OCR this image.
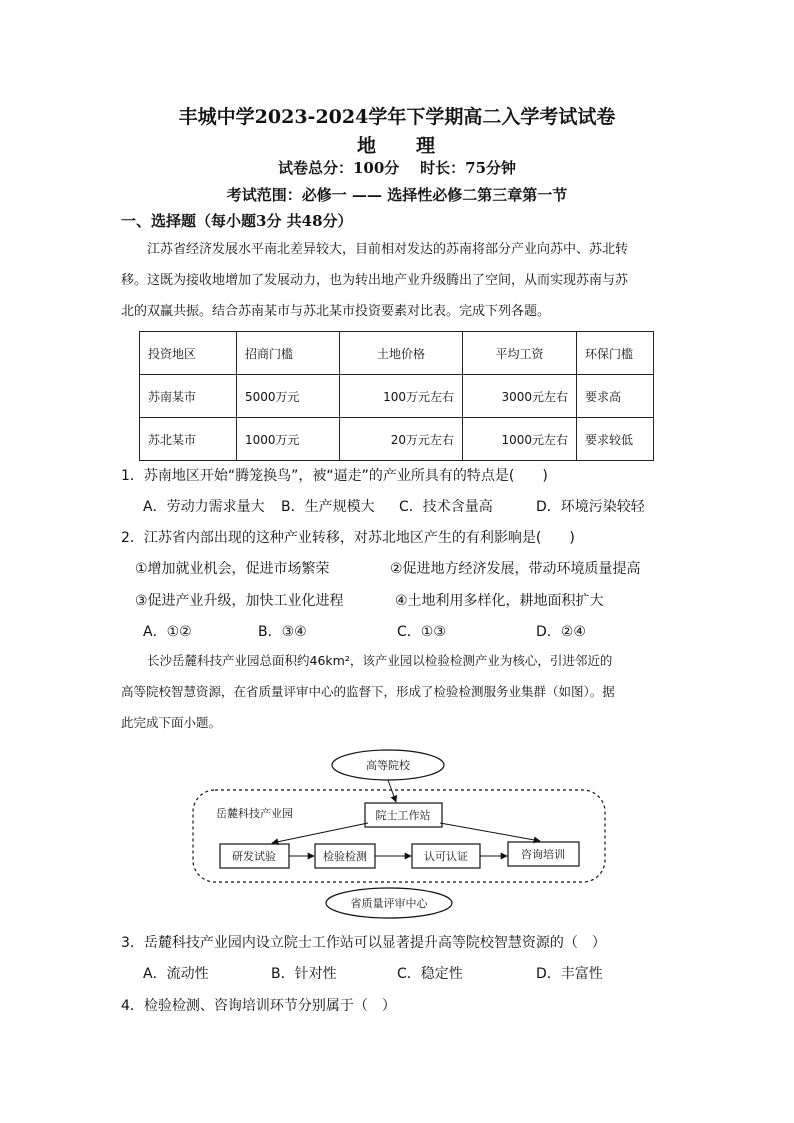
丰城中学2023-2024学年下学期高二入学考试试卷
地 理
试卷总分：100分    时长：75分钟
考试范围：必修一 —— 选择性必修二第三章第一节
一、选择题（每小题3分 共48分）
江苏省经济发展水平南北差异较大，目前相对发达的苏南将部分产业向苏中、苏北转
移。这既为接收地增加了发展动力，也为转出地产业升级腾出了空间，从而实现苏南与苏
北的双赢共振。结合苏南某市与苏北某市投资要素对比表。完成下列各题。
投资地区	招商门槛	土地价格	平均工资	环保门槛
苏南某市	5000万元	100万元左右	3000元左右	要求高
苏北某市	1000万元	20万元左右	1000元左右	要求较低
1．苏南地区开始“腾笼换鸟”，被“逼走”的产业所具有的特点是(　　)
A．劳动力需求量大 B．生产规模大 C．技术含量高	D．环境污染较轻
2．江苏省内部出现的这种产业转移，对苏北地区产生的有利影响是(　　)
①增加就业机会，促进市场繁荣	②促进地方经济发展，带动环境质量提高
③促进产业升级，加快工业化进程	④土地利用多样化，耕地面积扩大
A．①②	B．③④	C．①③	D．②④
长沙岳麓科技产业园总面积约46km²，该产业园以检验检测产业为核心，引进邻近的
高等院校智慧资源，在省质量评审中心的监督下，形成了检验检测服务业集群（如图）。据
此完成下面小题。
高等院校
岳麓科技产业园	院士工作站
研发试验	检验检测	认可认证	咨询培训
省质量评审中心
3．岳麓科技产业园内设立院士工作站可以显著提升高等院校智慧资源的（　）
A．流动性	B．针对性	C．稳定性	D．丰富性
4．检验检测、咨询培训环节分别属于（　）
